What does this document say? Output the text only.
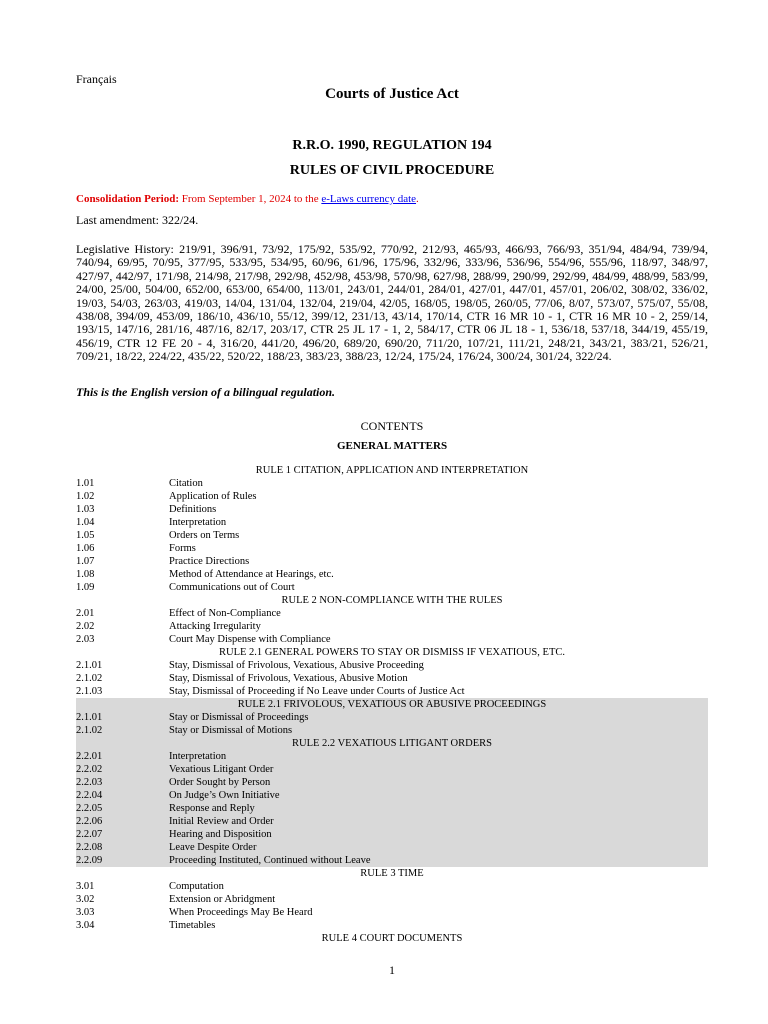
Français
Courts of Justice Act
R.R.O. 1990, REGULATION 194
RULES OF CIVIL PROCEDURE
Consolidation Period: From September 1, 2024 to the e-Laws currency date.
Last amendment: 322/24.
Legislative History: 219/91, 396/91, 73/92, 175/92, 535/92, 770/92, 212/93, 465/93, 466/93, 766/93, 351/94, 484/94, 739/94, 740/94, 69/95, 70/95, 377/95, 533/95, 534/95, 60/96, 61/96, 175/96, 332/96, 333/96, 536/96, 554/96, 555/96, 118/97, 348/97, 427/97, 442/97, 171/98, 214/98, 217/98, 292/98, 452/98, 453/98, 570/98, 627/98, 288/99, 290/99, 292/99, 484/99, 488/99, 583/99, 24/00, 25/00, 504/00, 652/00, 653/00, 654/00, 113/01, 243/01, 244/01, 284/01, 427/01, 447/01, 457/01, 206/02, 308/02, 336/02, 19/03, 54/03, 263/03, 419/03, 14/04, 131/04, 132/04, 219/04, 42/05, 168/05, 198/05, 260/05, 77/06, 8/07, 573/07, 575/07, 55/08, 438/08, 394/09, 453/09, 186/10, 436/10, 55/12, 399/12, 231/13, 43/14, 170/14, CTR 16 MR 10 - 1, CTR 16 MR 10 - 2, 259/14, 193/15, 147/16, 281/16, 487/16, 82/17, 203/17, CTR 25 JL 17 - 1, 2, 584/17, CTR 06 JL 18 - 1, 536/18, 537/18, 344/19, 455/19, 456/19, CTR 12 FE 20 - 4, 316/20, 441/20, 496/20, 689/20, 690/20, 711/20, 107/21, 111/21, 248/21, 343/21, 383/21, 526/21, 709/21, 18/22, 224/22, 435/22, 520/22, 188/23, 383/23, 388/23, 12/24, 175/24, 176/24, 300/24, 301/24, 322/24.
This is the English version of a bilingual regulation.
CONTENTS
GENERAL MATTERS
RULE 1 CITATION, APPLICATION AND INTERPRETATION
1.01	Citation
1.02	Application of Rules
1.03	Definitions
1.04	Interpretation
1.05	Orders on Terms
1.06	Forms
1.07	Practice Directions
1.08	Method of Attendance at Hearings, etc.
1.09	Communications out of Court
RULE 2 NON-COMPLIANCE WITH THE RULES
2.01	Effect of Non-Compliance
2.02	Attacking Irregularity
2.03	Court May Dispense with Compliance
RULE 2.1 GENERAL POWERS TO STAY OR DISMISS IF VEXATIOUS, ETC.
2.1.01	Stay, Dismissal of Frivolous, Vexatious, Abusive Proceeding
2.1.02	Stay, Dismissal of Frivolous, Vexatious, Abusive Motion
2.1.03	Stay, Dismissal of Proceeding if No Leave under Courts of Justice Act
RULE 2.1 FRIVOLOUS, VEXATIOUS OR ABUSIVE PROCEEDINGS
2.1.01	Stay or Dismissal of Proceedings
2.1.02	Stay or Dismissal of Motions
RULE 2.2 VEXATIOUS LITIGANT ORDERS
2.2.01	Interpretation
2.2.02	Vexatious Litigant Order
2.2.03	Order Sought by Person
2.2.04	On Judge’s Own Initiative
2.2.05	Response and Reply
2.2.06	Initial Review and Order
2.2.07	Hearing and Disposition
2.2.08	Leave Despite Order
2.2.09	Proceeding Instituted, Continued without Leave
RULE 3 TIME
3.01	Computation
3.02	Extension or Abridgment
3.03	When Proceedings May Be Heard
3.04	Timetables
RULE 4 COURT DOCUMENTS
1
